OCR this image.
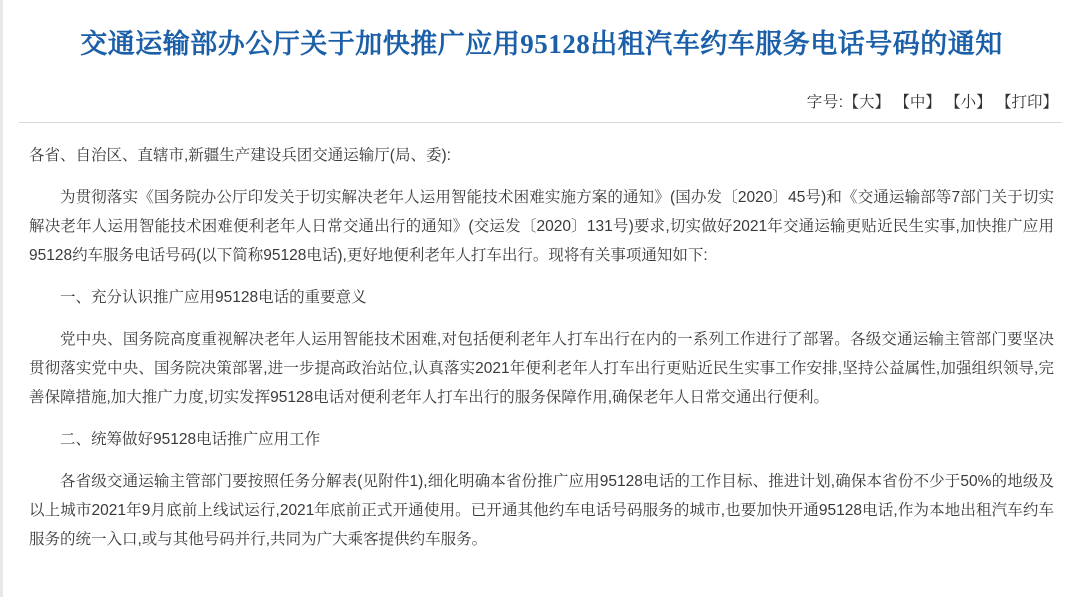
交通运输部办公厅关于加快推广应用95128出租汽车约车服务电话号码的通知
字号:【大】 【中】 【小】 【打印】

各省、自治区、直辖市,新疆生产建设兵团交通运输厅(局、委):

为贯彻落实《国务院办公厅印发关于切实解决老年人运用智能技术困难实施方案的通知》(国办发〔2020〕45号)和《交通运输部等7部门关于切实解决老年人运用智能技术困难便利老年人日常交通出行的通知》(交运发〔2020〕131号)要求,切实做好2021年交通运输更贴近民生实事,加快推广应用95128约车服务电话号码(以下简称95128电话),更好地便利老年人打车出行。现将有关事项通知如下:

一、充分认识推广应用95128电话的重要意义

党中央、国务院高度重视解决老年人运用智能技术困难,对包括便利老年人打车出行在内的一系列工作进行了部署。各级交通运输主管部门要坚决贯彻落实党中央、国务院决策部署,进一步提高政治站位,认真落实2021年便利老年人打车出行更贴近民生实事工作安排,坚持公益属性,加强组织领导,完善保障措施,加大推广力度,切实发挥95128电话对便利老年人打车出行的服务保障作用,确保老年人日常交通出行便利。

二、统筹做好95128电话推广应用工作

各省级交通运输主管部门要按照任务分解表(见附件1),细化明确本省份推广应用95128电话的工作目标、推进计划,确保本省份不少于50%的地级及以上城市2021年9月底前上线试运行,2021年底前正式开通使用。已开通其他约车电话号码服务的城市,也要加快开通95128电话,作为本地出租汽车约车服务的统一入口,或与其他号码并行,共同为广大乘客提供约车服务。
